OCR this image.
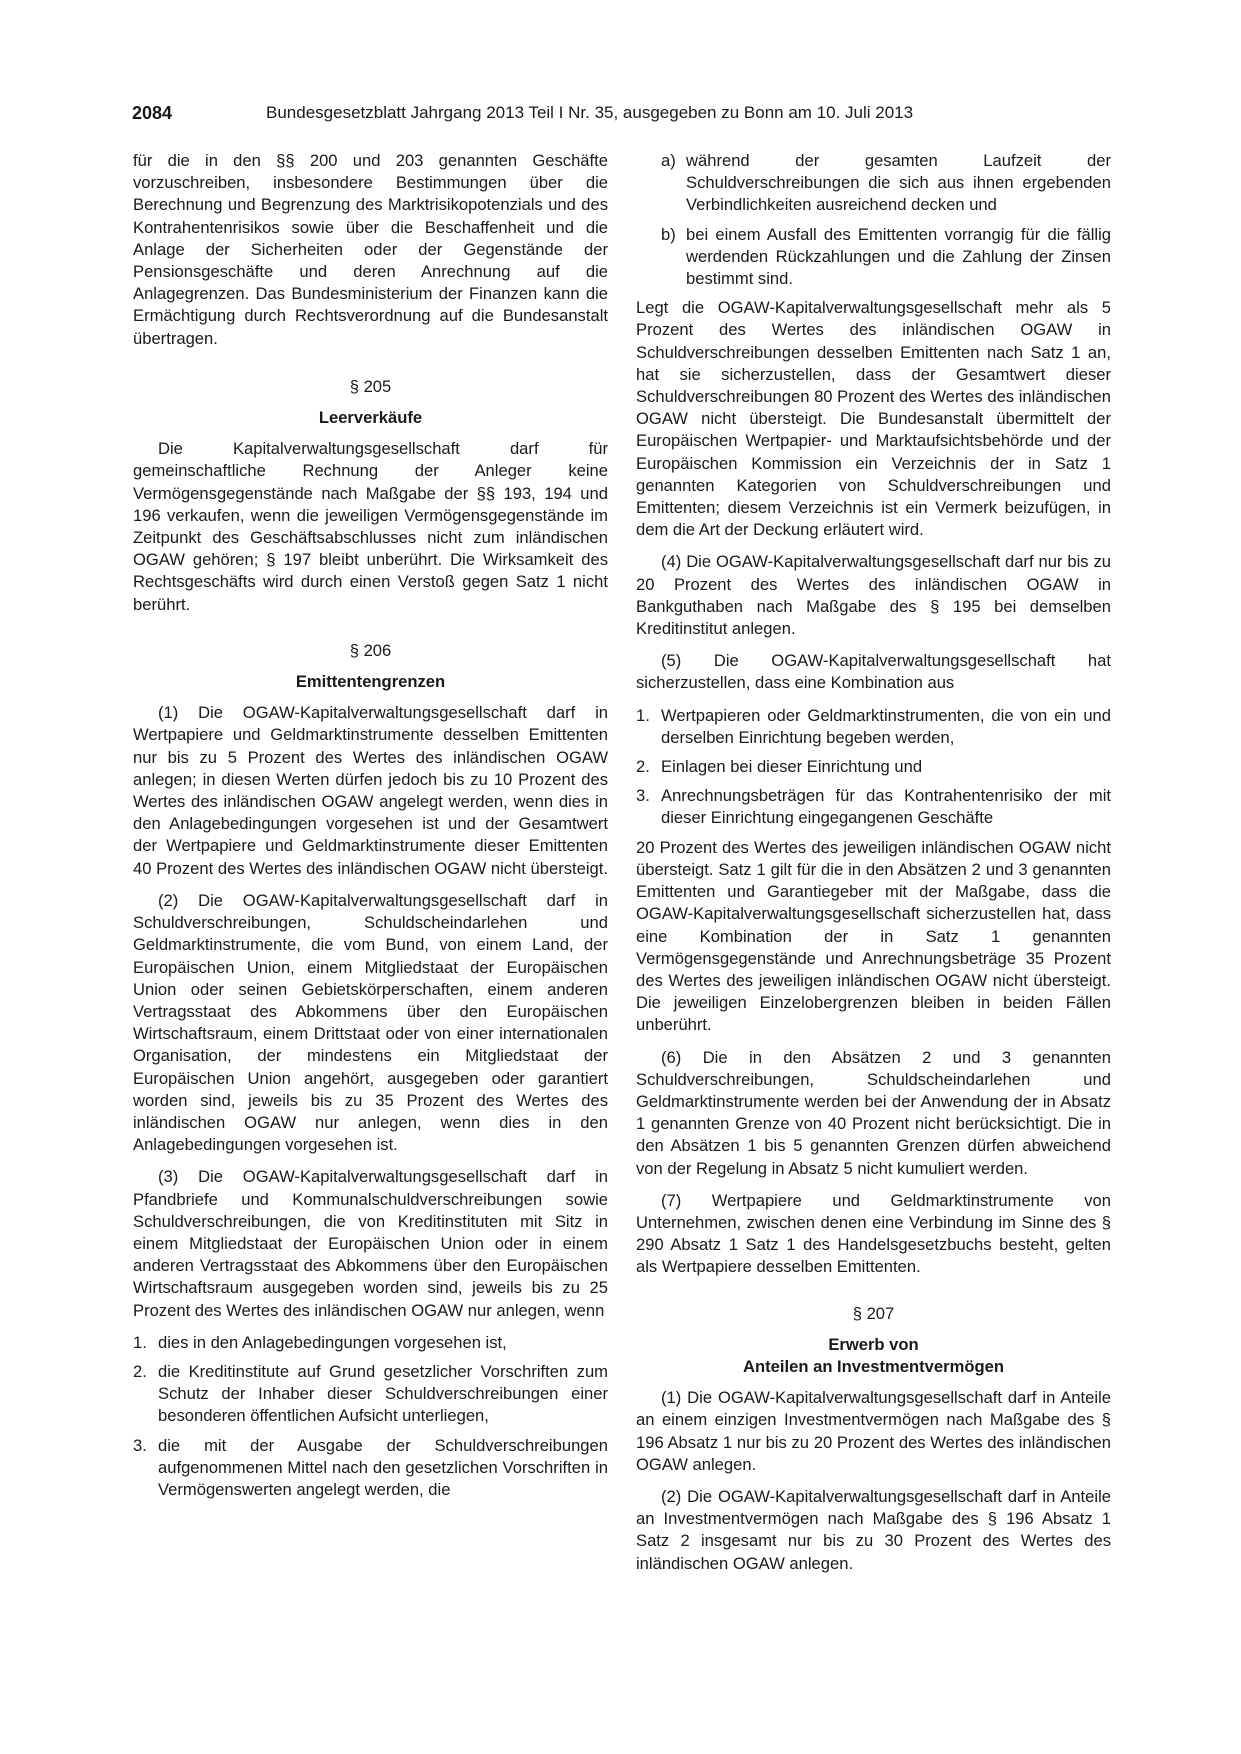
2084	Bundesgesetzblatt Jahrgang 2013 Teil I Nr. 35, ausgegeben zu Bonn am 10. Juli 2013

für die in den §§ 200 und 203 genannten Geschäfte vorzuschreiben, insbesondere Bestimmungen über die Berechnung und Begrenzung des Marktrisikopotenzials und des Kontrahentenrisikos sowie über die Beschaffenheit und die Anlage der Sicherheiten oder der Gegenstände der Pensionsgeschäfte und deren Anrechnung auf die Anlagegrenzen. Das Bundesministerium der Finanzen kann die Ermächtigung durch Rechtsverordnung auf die Bundesanstalt übertragen.

§ 205
Leerverkäufe

Die Kapitalverwaltungsgesellschaft darf für gemeinschaftliche Rechnung der Anleger keine Vermögensgegenstände nach Maßgabe der §§ 193, 194 und 196 verkaufen, wenn die jeweiligen Vermögensgegenstände im Zeitpunkt des Geschäftsabschlusses nicht zum inländischen OGAW gehören; § 197 bleibt unberührt. Die Wirksamkeit des Rechtsgeschäfts wird durch einen Verstoß gegen Satz 1 nicht berührt.

§ 206
Emittentengrenzen

(1) Die OGAW-Kapitalverwaltungsgesellschaft darf in Wertpapiere und Geldmarktinstrumente desselben Emittenten nur bis zu 5 Prozent des Wertes des inländischen OGAW anlegen; in diesen Werten dürfen jedoch bis zu 10 Prozent des Wertes des inländischen OGAW angelegt werden, wenn dies in den Anlagebedingungen vorgesehen ist und der Gesamtwert der Wertpapiere und Geldmarktinstrumente dieser Emittenten 40 Prozent des Wertes des inländischen OGAW nicht übersteigt.

(2) Die OGAW-Kapitalverwaltungsgesellschaft darf in Schuldverschreibungen, Schuldscheindarlehen und Geldmarktinstrumente, die vom Bund, von einem Land, der Europäischen Union, einem Mitgliedstaat der Europäischen Union oder seinen Gebietskörperschaften, einem anderen Vertragsstaat des Abkommens über den Europäischen Wirtschaftsraum, einem Drittstaat oder von einer internationalen Organisation, der mindestens ein Mitgliedstaat der Europäischen Union angehört, ausgegeben oder garantiert worden sind, jeweils bis zu 35 Prozent des Wertes des inländischen OGAW nur anlegen, wenn dies in den Anlagebedingungen vorgesehen ist.

(3) Die OGAW-Kapitalverwaltungsgesellschaft darf in Pfandbriefe und Kommunalschuldverschreibungen sowie Schuldverschreibungen, die von Kreditinstituten mit Sitz in einem Mitgliedstaat der Europäischen Union oder in einem anderen Vertragsstaat des Abkommens über den Europäischen Wirtschaftsraum ausgegeben worden sind, jeweils bis zu 25 Prozent des Wertes des inländischen OGAW nur anlegen, wenn

1. dies in den Anlagebedingungen vorgesehen ist,
2. die Kreditinstitute auf Grund gesetzlicher Vorschriften zum Schutz der Inhaber dieser Schuldverschreibungen einer besonderen öffentlichen Aufsicht unterliegen,
3. die mit der Ausgabe der Schuldverschreibungen aufgenommenen Mittel nach den gesetzlichen Vorschriften in Vermögenswerten angelegt werden, die
a) während der gesamten Laufzeit der Schuldverschreibungen die sich aus ihnen ergebenden Verbindlichkeiten ausreichend decken und
b) bei einem Ausfall des Emittenten vorrangig für die fällig werdenden Rückzahlungen und die Zahlung der Zinsen bestimmt sind.

Legt die OGAW-Kapitalverwaltungsgesellschaft mehr als 5 Prozent des Wertes des inländischen OGAW in Schuldverschreibungen desselben Emittenten nach Satz 1 an, hat sie sicherzustellen, dass der Gesamtwert dieser Schuldverschreibungen 80 Prozent des Wertes des inländischen OGAW nicht übersteigt. Die Bundesanstalt übermittelt der Europäischen Wertpapier- und Marktaufsichtsbehörde und der Europäischen Kommission ein Verzeichnis der in Satz 1 genannten Kategorien von Schuldverschreibungen und Emittenten; diesem Verzeichnis ist ein Vermerk beizufügen, in dem die Art der Deckung erläutert wird.

(4) Die OGAW-Kapitalverwaltungsgesellschaft darf nur bis zu 20 Prozent des Wertes des inländischen OGAW in Bankguthaben nach Maßgabe des § 195 bei demselben Kreditinstitut anlegen.

(5) Die OGAW-Kapitalverwaltungsgesellschaft hat sicherzustellen, dass eine Kombination aus

1. Wertpapieren oder Geldmarktinstrumenten, die von ein und derselben Einrichtung begeben werden,
2. Einlagen bei dieser Einrichtung und
3. Anrechnungsbeträgen für das Kontrahentenrisiko der mit dieser Einrichtung eingegangenen Geschäfte

20 Prozent des Wertes des jeweiligen inländischen OGAW nicht übersteigt. Satz 1 gilt für die in den Absätzen 2 und 3 genannten Emittenten und Garantiegeber mit der Maßgabe, dass die OGAW-Kapitalverwaltungsgesellschaft sicherzustellen hat, dass eine Kombination der in Satz 1 genannten Vermögensgegenstände und Anrechnungsbeträge 35 Prozent des Wertes des jeweiligen inländischen OGAW nicht übersteigt. Die jeweiligen Einzelobergrenzen bleiben in beiden Fällen unberührt.

(6) Die in den Absätzen 2 und 3 genannten Schuldverschreibungen, Schuldscheindarlehen und Geldmarktinstrumente werden bei der Anwendung der in Absatz 1 genannten Grenze von 40 Prozent nicht berücksichtigt. Die in den Absätzen 1 bis 5 genannten Grenzen dürfen abweichend von der Regelung in Absatz 5 nicht kumuliert werden.

(7) Wertpapiere und Geldmarktinstrumente von Unternehmen, zwischen denen eine Verbindung im Sinne des § 290 Absatz 1 Satz 1 des Handelsgesetzbuchs besteht, gelten als Wertpapiere desselben Emittenten.

§ 207
Erwerb von
Anteilen an Investmentvermögen

(1) Die OGAW-Kapitalverwaltungsgesellschaft darf in Anteile an einem einzigen Investmentvermögen nach Maßgabe des § 196 Absatz 1 nur bis zu 20 Prozent des Wertes des inländischen OGAW anlegen.

(2) Die OGAW-Kapitalverwaltungsgesellschaft darf in Anteile an Investmentvermögen nach Maßgabe des § 196 Absatz 1 Satz 2 insgesamt nur bis zu 30 Prozent des Wertes des inländischen OGAW anlegen.
